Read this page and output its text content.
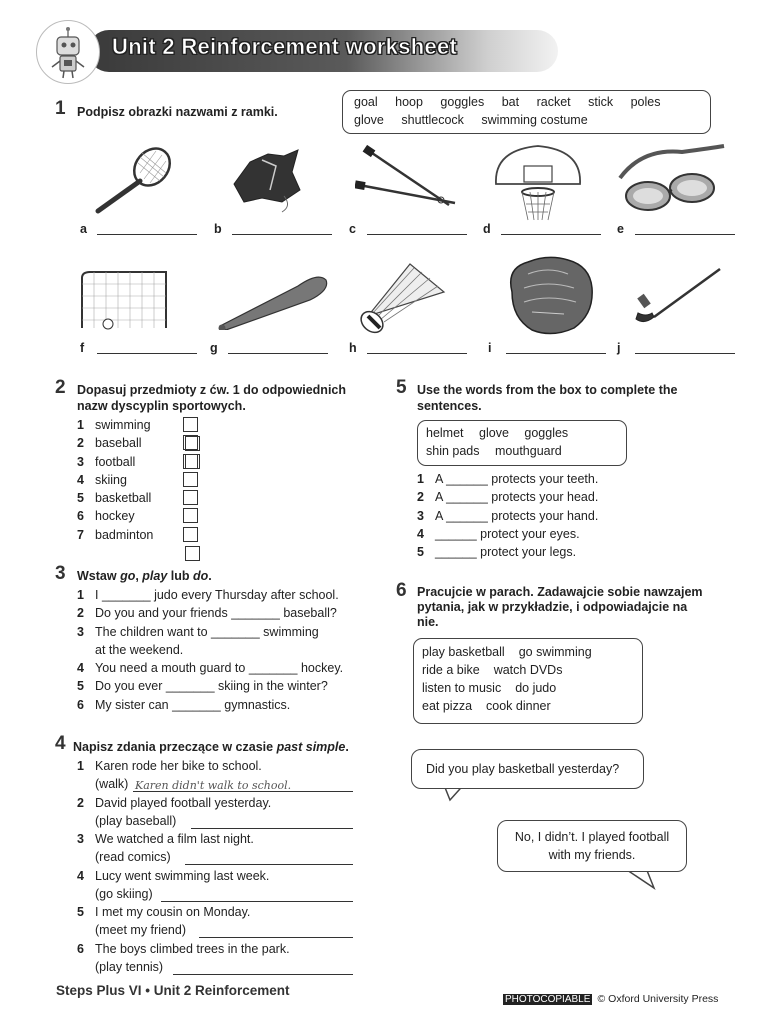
Unit 2 Reinforcement worksheet
1 Podpisz obrazki nazwami z ramki.
goal hoop goggles bat racket stick poles
glove shuttlecock swimming costume
a	b	c	d	e
f	g	h	i	j
2 Dopasuj przedmioty z ćw. 1 do odpowiednich
nazw dyscyplin sportowych.
1 swimming
2 baseball
3 football
4 skiing
5 basketball
6 hockey
7 badminton
3 Wstaw go, play lub do.
1 I _______ judo every Thursday after school.
2 Do you and your friends _______ baseball?
3 The children want to _______ swimming
at the weekend.
4 You need a mouth guard to _______ hockey.
5 Do you ever _______ skiing in the winter?
6 My sister can _______ gymnastics.
4 Napisz zdania przeczące w czasie past simple.
1 Karen rode her bike to school.
(walk) Karen didn't walk to school.
2 David played football yesterday.
(play baseball)
3 We watched a film last night.
(read comics)
4 Lucy went swimming last week.
(go skiing)
5 I met my cousin on Monday.
(meet my friend)
6 The boys climbed trees in the park.
(play tennis)
5 Use the words from the box to complete the
sentences.
helmet glove goggles
shin pads mouthguard
1 A ______ protects your teeth.
2 A ______ protects your head.
3 A ______ protects your hand.
4 ______ protect your eyes.
5 ______ protect your legs.
6 Pracujcie w parach. Zadawajcie sobie nawzajem
pytania, jak w przykładzie, i odpowiadajcie na
nie.
play basketball go swimming
ride a bike watch DVDs
listen to music do judo
eat pizza cook dinner
Did you play basketball yesterday?
No, I didn’t. I played football
with my friends.
Steps Plus VI • Unit 2 Reinforcement
PHOTOCOPIABLE © Oxford University Press
